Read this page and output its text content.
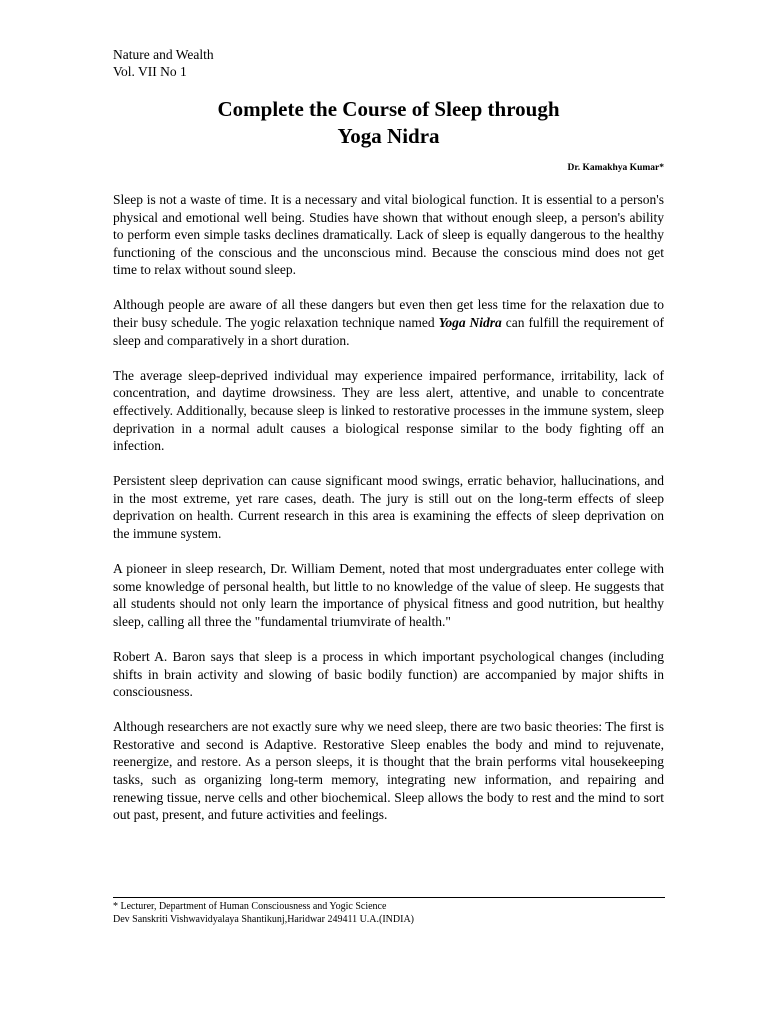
Nature and Wealth
Vol. VII No 1
Complete the Course of Sleep through
Yoga Nidra
Dr. Kamakhya Kumar*

Sleep is not a waste of time. It is a necessary and vital biological function. It is essential to a person's physical and emotional well being. Studies have shown that without enough sleep, a person's ability to perform even simple tasks declines dramatically. Lack of sleep is equally dangerous to the healthy functioning of the conscious and the unconscious mind. Because the conscious mind does not get time to relax without sound sleep.

Although people are aware of all these dangers but even then get less time for the relaxation due to their busy schedule. The yogic relaxation technique named Yoga Nidra can fulfill the requirement of sleep and comparatively in a short duration.

The average sleep-deprived individual may experience impaired performance, irritability, lack of concentration, and daytime drowsiness. They are less alert, attentive, and unable to concentrate effectively. Additionally, because sleep is linked to restorative processes in the immune system, sleep deprivation in a normal adult causes a biological response similar to the body fighting off an infection.

Persistent sleep deprivation can cause significant mood swings, erratic behavior, hallucinations, and in the most extreme, yet rare cases, death. The jury is still out on the long-term effects of sleep deprivation on health. Current research in this area is examining the effects of sleep deprivation on the immune system.

A pioneer in sleep research, Dr. William Dement, noted that most undergraduates enter college with some knowledge of personal health, but little to no knowledge of the value of sleep. He suggests that all students should not only learn the importance of physical fitness and good nutrition, but healthy sleep, calling all three the "fundamental triumvirate of health."

Robert A. Baron says that sleep is a process in which important psychological changes (including shifts in brain activity and slowing of basic bodily function) are accompanied by major shifts in consciousness.

Although researchers are not exactly sure why we need sleep, there are two basic theories: The first is Restorative and second is Adaptive. Restorative Sleep enables the body and mind to rejuvenate, reenergize, and restore. As a person sleeps, it is thought that the brain performs vital housekeeping tasks, such as organizing long-term memory, integrating new information, and repairing and renewing tissue, nerve cells and other biochemical. Sleep allows the body to rest and the mind to sort out past, present, and future activities and feelings.

* Lecturer, Department of Human Consciousness and Yogic Science
Dev Sanskriti Vishwavidyalaya Shantikunj,Haridwar 249411 U.A.(INDIA)
